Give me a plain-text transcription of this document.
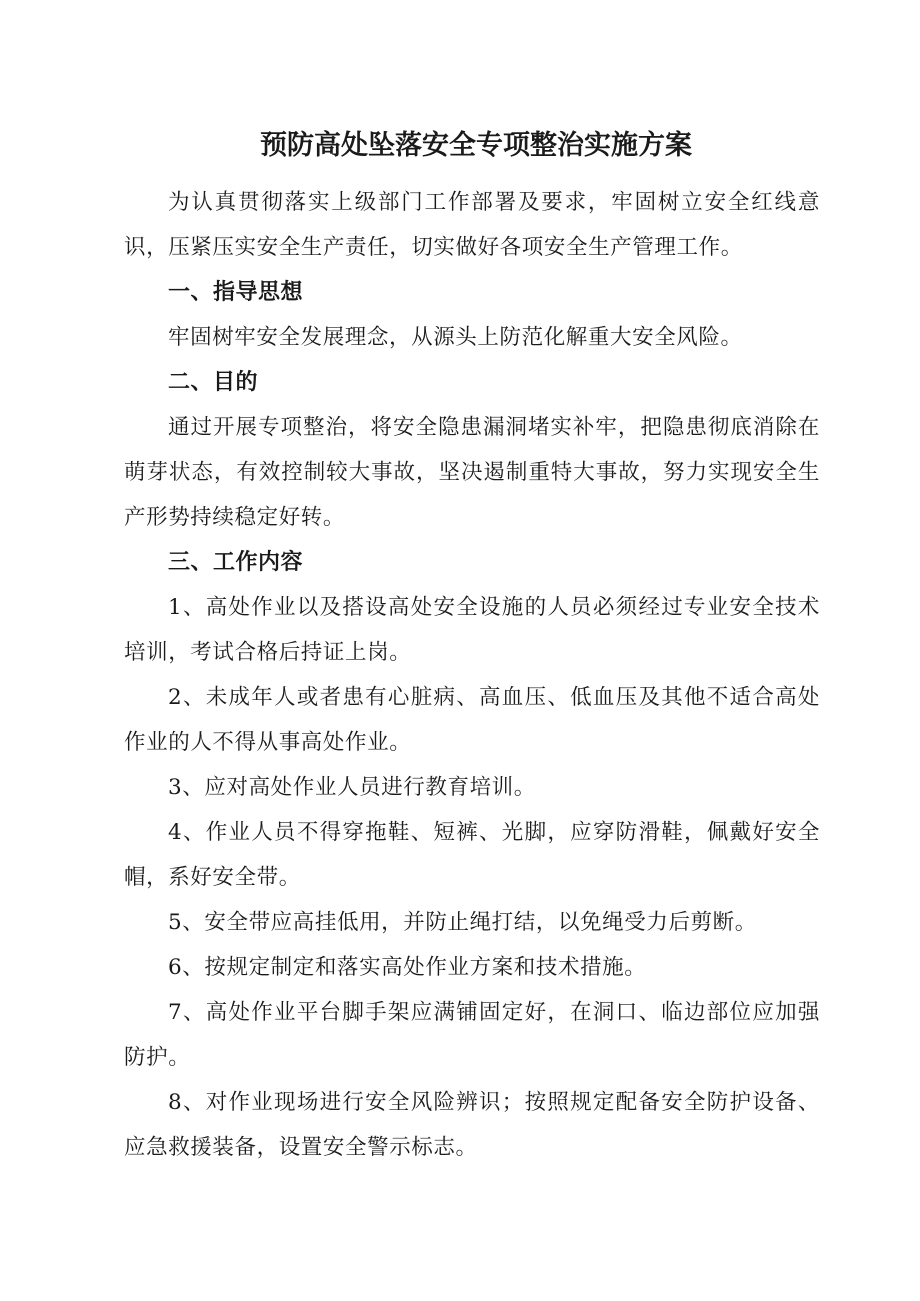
预防高处坠落安全专项整治实施方案

为认真贯彻落实上级部门工作部署及要求，牢固树立安全红线意识，压紧压实安全生产责任，切实做好各项安全生产管理工作。

一、指导思想

牢固树牢安全发展理念，从源头上防范化解重大安全风险。

二、目的

通过开展专项整治，将安全隐患漏洞堵实补牢，把隐患彻底消除在萌芽状态，有效控制较大事故，坚决遏制重特大事故，努力实现安全生产形势持续稳定好转。

三、工作内容

1、高处作业以及搭设高处安全设施的人员必须经过专业安全技术培训，考试合格后持证上岗。

2、未成年人或者患有心脏病、高血压、低血压及其他不适合高处作业的人不得从事高处作业。

3、应对高处作业人员进行教育培训。

4、作业人员不得穿拖鞋、短裤、光脚，应穿防滑鞋，佩戴好安全帽，系好安全带。

5、安全带应高挂低用，并防止绳打结，以免绳受力后剪断。

6、按规定制定和落实高处作业方案和技术措施。

7、高处作业平台脚手架应满铺固定好，在洞口、临边部位应加强防护。

8、对作业现场进行安全风险辨识；按照规定配备安全防护设备、应急救援装备，设置安全警示标志。
